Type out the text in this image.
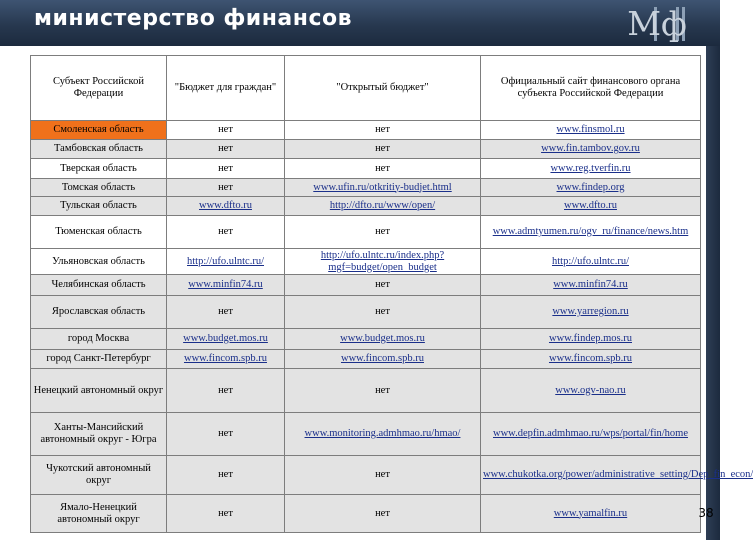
министерство финансов	Мф
Субъект Российской Федерации	"Бюджет для граждан"	"Открытый бюджет"	Официальный сайт финансового органа субъекта Российской Федерации
Смоленская область	нет	нет	www.finsmol.ru
Тамбовская область	нет	нет	www.fin.tambov.gov.ru
Тверская область	нет	нет	www.reg.tverfin.ru
Томская область	нет	www.ufin.ru/otkritiy-budjet.html	www.findep.org
Тульская область	www.dfto.ru	http://dfto.ru/www/open/	www.dfto.ru
Тюменская область	нет	нет	www.admtyumen.ru/ogv_ru/finance/news.htm
Ульяновская область	http://ufo.ulntc.ru/	http://ufo.ulntc.ru/index.php?mgf=budget/open_budget	http://ufo.ulntc.ru/
Челябинская область	www.minfin74.ru	нет	www.minfin74.ru
Ярославская область	нет	нет	www.yarregion.ru
город Москва	www.budget.mos.ru	www.budget.mos.ru	www.findep.mos.ru
город Санкт-Петербург	www.fincom.spb.ru	www.fincom.spb.ru	www.fincom.spb.ru
Ненецкий автономный округ	нет	нет	www.ogv-nao.ru
Ханты-Мансийский автономный округ - Югра	нет	www.monitoring.admhmao.ru/hmao/	www.depfin.admhmao.ru/wps/portal/fin/home
Чукотский автономный округ	нет	нет	www.chukotka.org/power/administrative_setting/Dep_fin_econ/
Ямало-Ненецкий автономный округ	нет	нет	www.yamalfin.ru	38
